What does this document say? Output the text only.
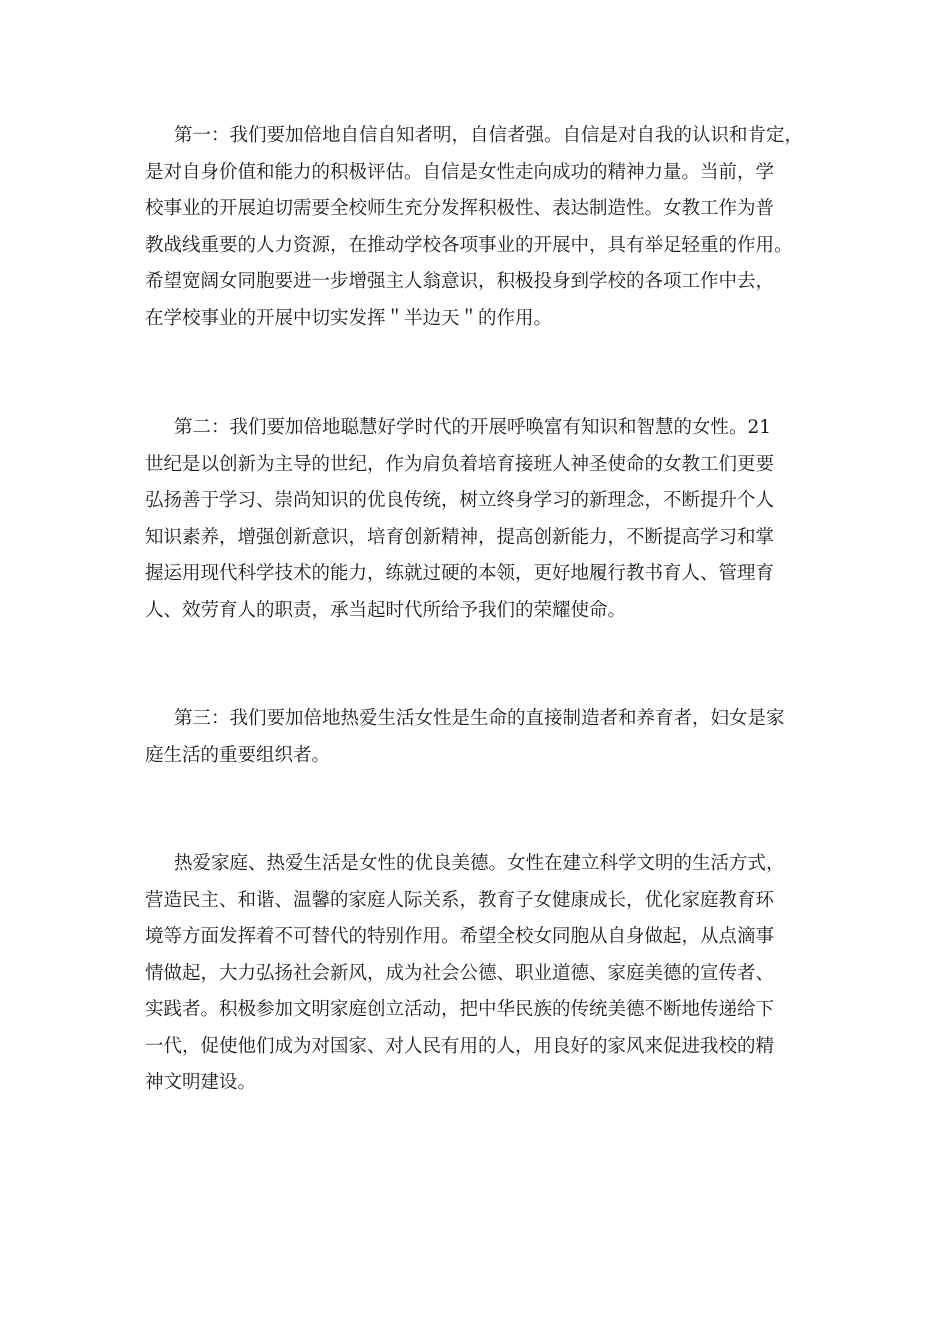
第一：我们要加倍地自信自知者明，自信者强。自信是对自我的认识和肯定，
是对自身价值和能力的积极评估。自信是女性走向成功的精神力量。当前，学
校事业的开展迫切需要全校师生充分发挥积极性、表达制造性。女教工作为普
教战线重要的人力资源，在推动学校各项事业的开展中，具有举足轻重的作用。
希望宽阔女同胞要进一步增强主人翁意识，积极投身到学校的各项工作中去，
在学校事业的开展中切实发挥＂半边天＂的作用。
第二：我们要加倍地聪慧好学时代的开展呼唤富有知识和智慧的女性。21
世纪是以创新为主导的世纪，作为肩负着培育接班人神圣使命的女教工们更要
弘扬善于学习、崇尚知识的优良传统，树立终身学习的新理念，不断提升个人
知识素养，增强创新意识，培育创新精神，提高创新能力，不断提高学习和掌
握运用现代科学技术的能力，练就过硬的本领，更好地履行教书育人、管理育
人、效劳育人的职责，承当起时代所给予我们的荣耀使命。
第三：我们要加倍地热爱生活女性是生命的直接制造者和养育者，妇女是家
庭生活的重要组织者。
热爱家庭、热爱生活是女性的优良美德。女性在建立科学文明的生活方式，
营造民主、和谐、温馨的家庭人际关系，教育子女健康成长，优化家庭教育环
境等方面发挥着不可替代的特别作用。希望全校女同胞从自身做起，从点滴事
情做起，大力弘扬社会新风，成为社会公德、职业道德、家庭美德的宣传者、
实践者。积极参加文明家庭创立活动，把中华民族的传统美德不断地传递给下
一代，促使他们成为对国家、对人民有用的人，用良好的家风来促进我校的精
神文明建设。
